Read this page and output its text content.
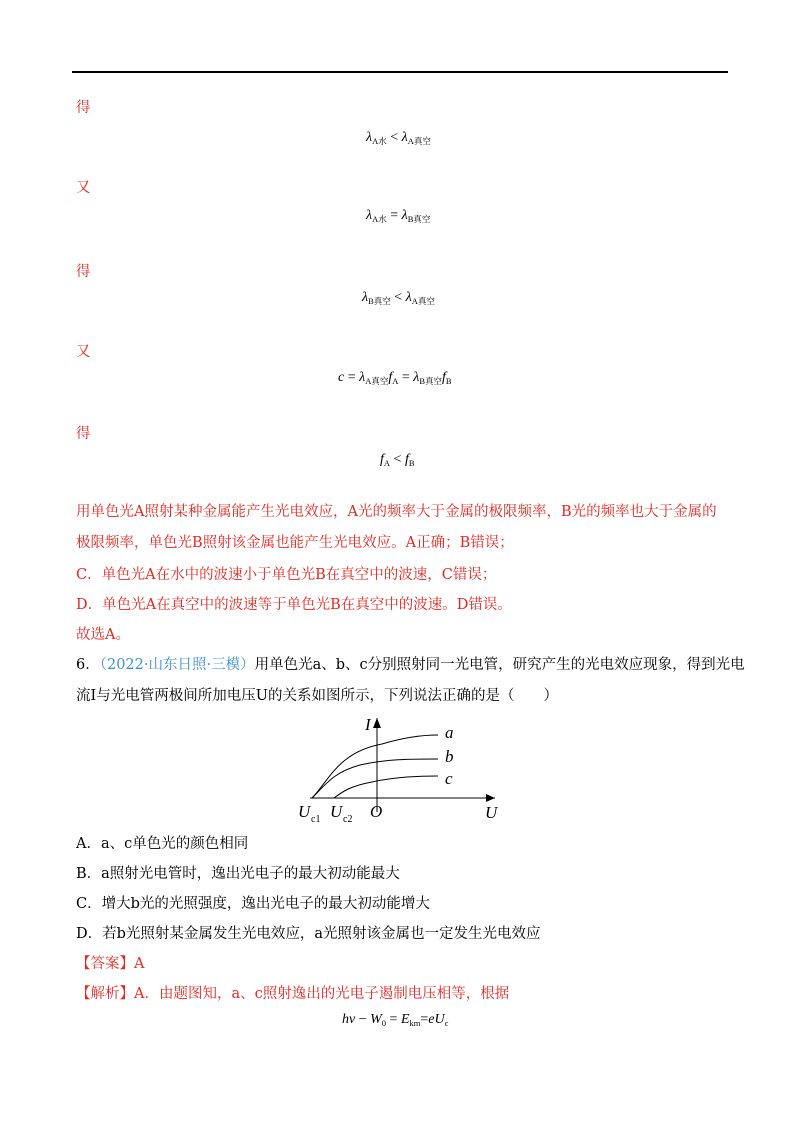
得
$\lambda_{A水} < \lambda_{A真空}$
又
$\lambda_{A水} = \lambda_{B真空}$
得
$\lambda_{B真空} < \lambda_{A真空}$
又
$c = \lambda_{A真空}f_A = \lambda_{B真空}f_B$
得
$f_A < f_B$
用单色光A照射某种金属能产生光电效应，A光的频率大于金属的极限频率，B光的频率也大于金属的极限频率，单色光B照射该金属也能产生光电效应。A正确；B错误；
C．单色光A在水中的波速小于单色光B在真空中的波速，C错误；
D．单色光A在真空中的波速等于单色光B在真空中的波速。D错误。
故选A。
6．（2022·山东日照·三模）用单色光a、b、c分别照射同一光电管，研究产生的光电效应现象，得到光电
流I与光电管两极间所加电压U的关系如图所示，下列说法正确的是（　　）
I
U
O
U c1 U c2
a
b
c
A．a、c单色光的颜色相同
B．a照射光电管时，逸出光电子的最大初动能最大
C．增大b光的光照强度，逸出光电子的最大初动能增大
D．若b光照射某金属发生光电效应，a光照射该金属也一定发生光电效应
【答案】A
【解析】A．由题图知，a、c照射逸出的光电子遏制电压相等，根据
$h\nu - W_0 = E_{km}=eU_c$
